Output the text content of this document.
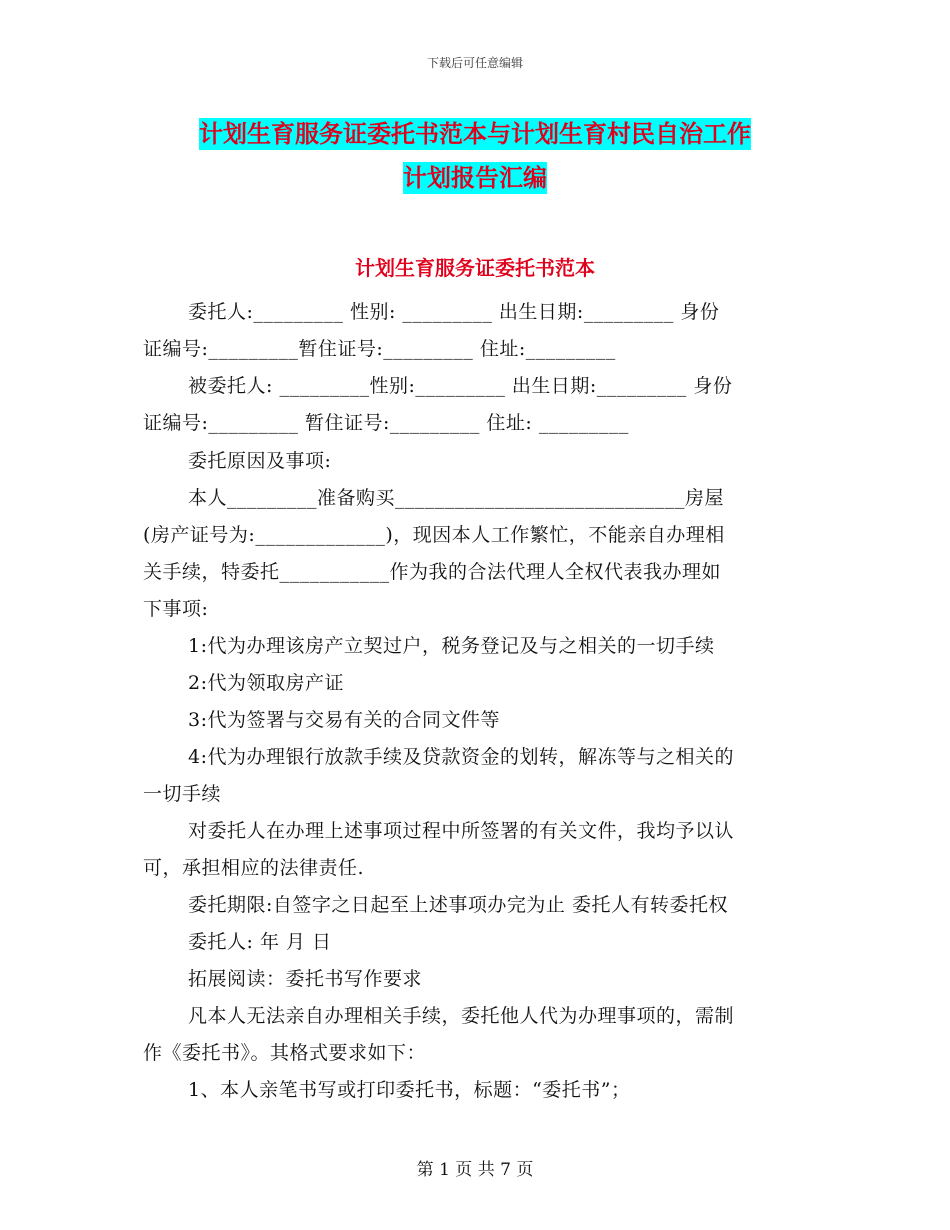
下载后可任意编辑
计划生育服务证委托书范本与计划生育村民自治工作
计划报告汇编
计划生育服务证委托书范本
委托人:_________ 性别: _________ 出生日期:_________ 身份
证编号:_________暂住证号:_________ 住址:_________
被委托人: _________性别:_________ 出生日期:_________ 身份
证编号:_________ 暂住证号:_________ 住址: _________
委托原因及事项:
本人_________准备购买_____________________________房屋
(房产证号为:_____________)，现因本人工作繁忙，不能亲自办理相
关手续，特委托___________作为我的合法代理人全权代表我办理如
下事项:
1:代为办理该房产立契过户，税务登记及与之相关的一切手续
2:代为领取房产证
3:代为签署与交易有关的合同文件等
4:代为办理银行放款手续及贷款资金的划转，解冻等与之相关的
一切手续
对委托人在办理上述事项过程中所签署的有关文件，我均予以认
可，承担相应的法律责任.
委托期限:自签字之日起至上述事项办完为止 委托人有转委托权
委托人: 年 月 日
拓展阅读：委托书写作要求
凡本人无法亲自办理相关手续，委托他人代为办理事项的，需制
作《委托书》。其格式要求如下：
1、本人亲笔书写或打印委托书，标题：“委托书”；
第 1 页 共 7 页
